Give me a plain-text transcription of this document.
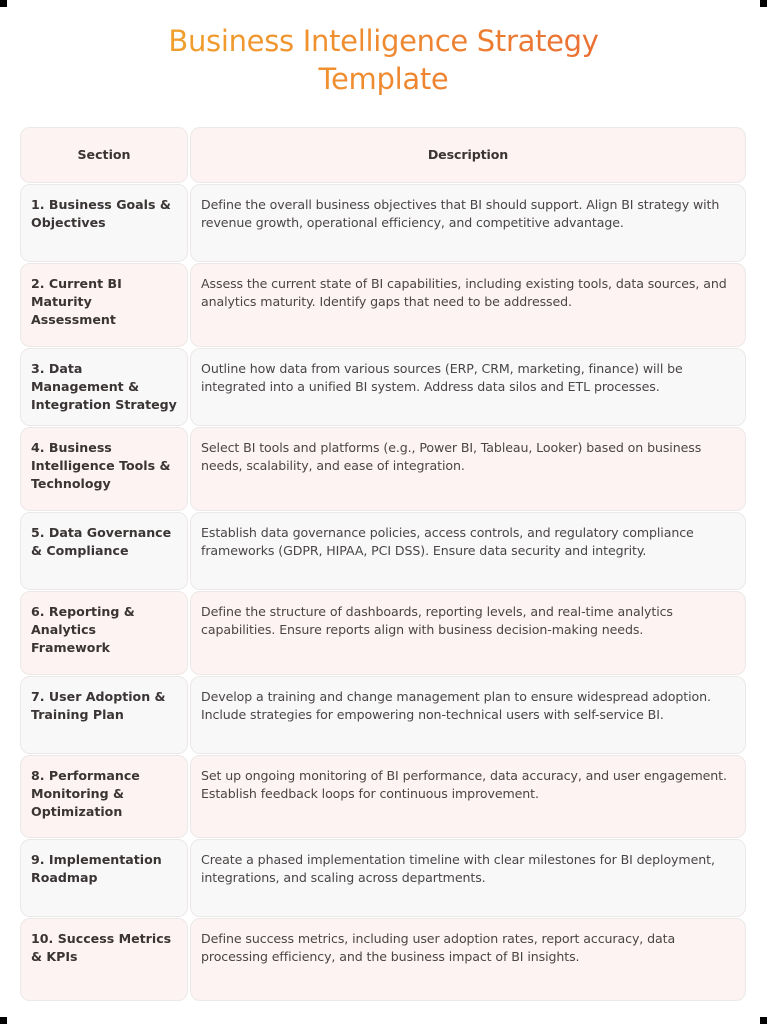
Business Intelligence Strategy
Template
Section	Description
1. Business Goals & Objectives
Define the overall business objectives that BI should support. Align BI strategy with revenue growth, operational efficiency, and competitive advantage.
2. Current BI Maturity Assessment
Assess the current state of BI capabilities, including existing tools, data sources, and analytics maturity. Identify gaps that need to be addressed.
3. Data Management & Integration Strategy
Outline how data from various sources (ERP, CRM, marketing, finance) will be integrated into a unified BI system. Address data silos and ETL processes.
4. Business Intelligence Tools & Technology
Select BI tools and platforms (e.g., Power BI, Tableau, Looker) based on business needs, scalability, and ease of integration.
5. Data Governance & Compliance
Establish data governance policies, access controls, and regulatory compliance frameworks (GDPR, HIPAA, PCI DSS). Ensure data security and integrity.
6. Reporting & Analytics Framework
Define the structure of dashboards, reporting levels, and real-time analytics capabilities. Ensure reports align with business decision-making needs.
7. User Adoption & Training Plan
Develop a training and change management plan to ensure widespread adoption. Include strategies for empowering non-technical users with self-service BI.
8. Performance Monitoring & Optimization
Set up ongoing monitoring of BI performance, data accuracy, and user engagement. Establish feedback loops for continuous improvement.
9. Implementation Roadmap
Create a phased implementation timeline with clear milestones for BI deployment, integrations, and scaling across departments.
10. Success Metrics & KPIs
Define success metrics, including user adoption rates, report accuracy, data processing efficiency, and the business impact of BI insights.
